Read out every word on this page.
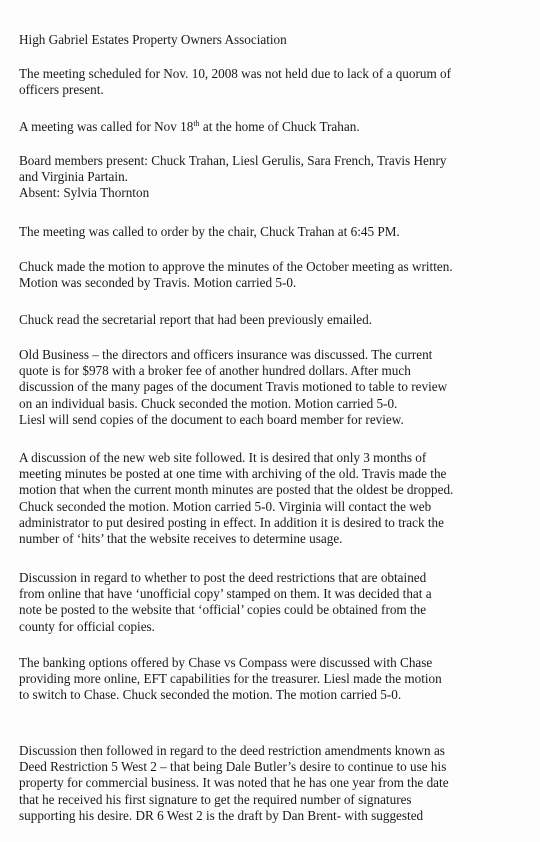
High Gabriel Estates Property Owners Association

The meeting scheduled for Nov. 10, 2008 was not held due to lack of a quorum of
officers present.

A meeting was called for Nov 18th at the home of Chuck Trahan.

Board members present: Chuck Trahan, Liesl Gerulis, Sara French, Travis Henry
and Virginia Partain.
Absent: Sylvia Thornton

The meeting was called to order by the chair, Chuck Trahan at 6:45 PM.

Chuck made the motion to approve the minutes of the October meeting as written.
Motion was seconded by Travis. Motion carried 5-0.

Chuck read the secretarial report that had been previously emailed.

Old Business – the directors and officers insurance was discussed. The current
quote is for $978 with a broker fee of another hundred dollars. After much
discussion of the many pages of the document Travis motioned to table to review
on an individual basis. Chuck seconded the motion. Motion carried 5-0.
Liesl will send copies of the document to each board member for review.

A discussion of the new web site followed. It is desired that only 3 months of
meeting minutes be posted at one time with archiving of the old. Travis made the
motion that when the current month minutes are posted that the oldest be dropped.
Chuck seconded the motion. Motion carried 5-0. Virginia will contact the web
administrator to put desired posting in effect. In addition it is desired to track the
number of ‘hits’ that the website receives to determine usage.

Discussion in regard to whether to post the deed restrictions that are obtained
from online that have ‘unofficial copy’ stamped on them. It was decided that a
note be posted to the website that ‘official’ copies could be obtained from the
county for official copies.

The banking options offered by Chase vs Compass were discussed with Chase
providing more online, EFT capabilities for the treasurer. Liesl made the motion
to switch to Chase. Chuck seconded the motion. The motion carried 5-0.

Discussion then followed in regard to the deed restriction amendments known as
Deed Restriction 5 West 2 – that being Dale Butler’s desire to continue to use his
property for commercial business. It was noted that he has one year from the date
that he received his first signature to get the required number of signatures
supporting his desire. DR 6 West 2 is the draft by Dan Brent- with suggested
